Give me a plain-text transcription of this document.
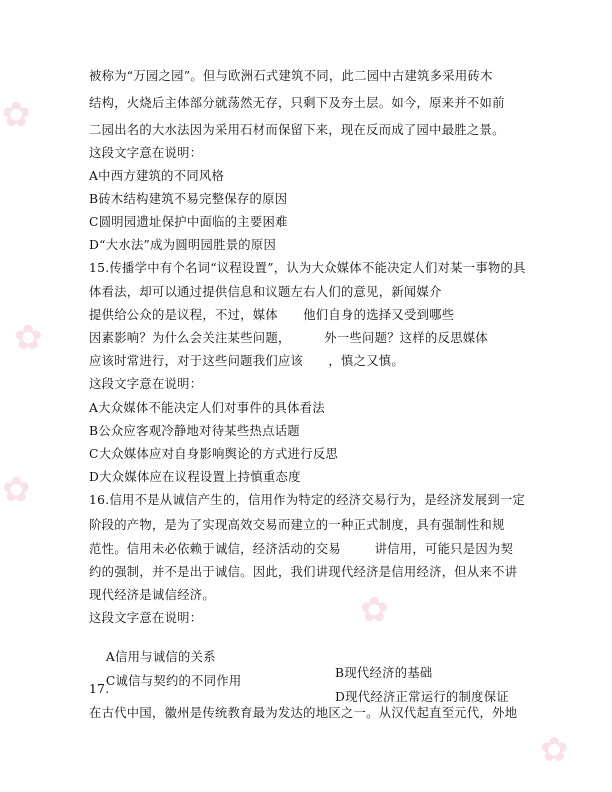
✿
✿
✿
✿
✿
被称为“万园之园”。但与欧洲石式建筑不同，此二园中古建筑多采用砖木
结构，火烧后主体部分就荡然无存，只剩下及夯土层。如今，原来并不如前
二园出名的大水法因为采用石材而保留下来，现在反而成了园中最胜之景。
这段文字意在说明：
A中西方建筑的不同风格
B砖木结构建筑不易完整保存的原因
C圆明园遗址保护中面临的主要困难
D“大水法”成为圆明园胜景的原因
15.传播学中有个名词“议程设置”，认为大众媒体不能决定人们对某一事物的具
体看法，却可以通过提供信息和议题左右人们的意见，新闻媒介
提供给公众的是议程，不过，媒体      他们自身的选择又受到哪些
因素影响？为什么会关注某些问题，        外一些问题？这样的反思媒体
应该时常进行，对于这些问题我们应该      ，慎之又慎。
这段文字意在说明：
A大众媒体不能决定人们对事件的具体看法
B公众应客观冷静地对待某些热点话题
C大众媒体应对自身影响舆论的方式进行反思
D大众媒体应在议程设置上持慎重态度
16.信用不是从诚信产生的，信用作为特定的经济交易行为，是经济发展到一定
阶段的产物，是为了实现高效交易而建立的一种正式制度，具有强制性和规
范性。信用未必依赖于诚信，经济活动的交易        讲信用，可能只是因为契
约的强制，并不是出于诚信。因此，我们讲现代经济是信用经济，但从来不讲
现代经济是诚信经济。
这段文字意在说明：

A信用与诚信的关系

B现代经济的基础

C诚信与契约的不同作用

D现代经济正常运行的制度保证

17.
在古代中国，徽州是传统教育最为发达的地区之一。从汉代起直至元代，外地
